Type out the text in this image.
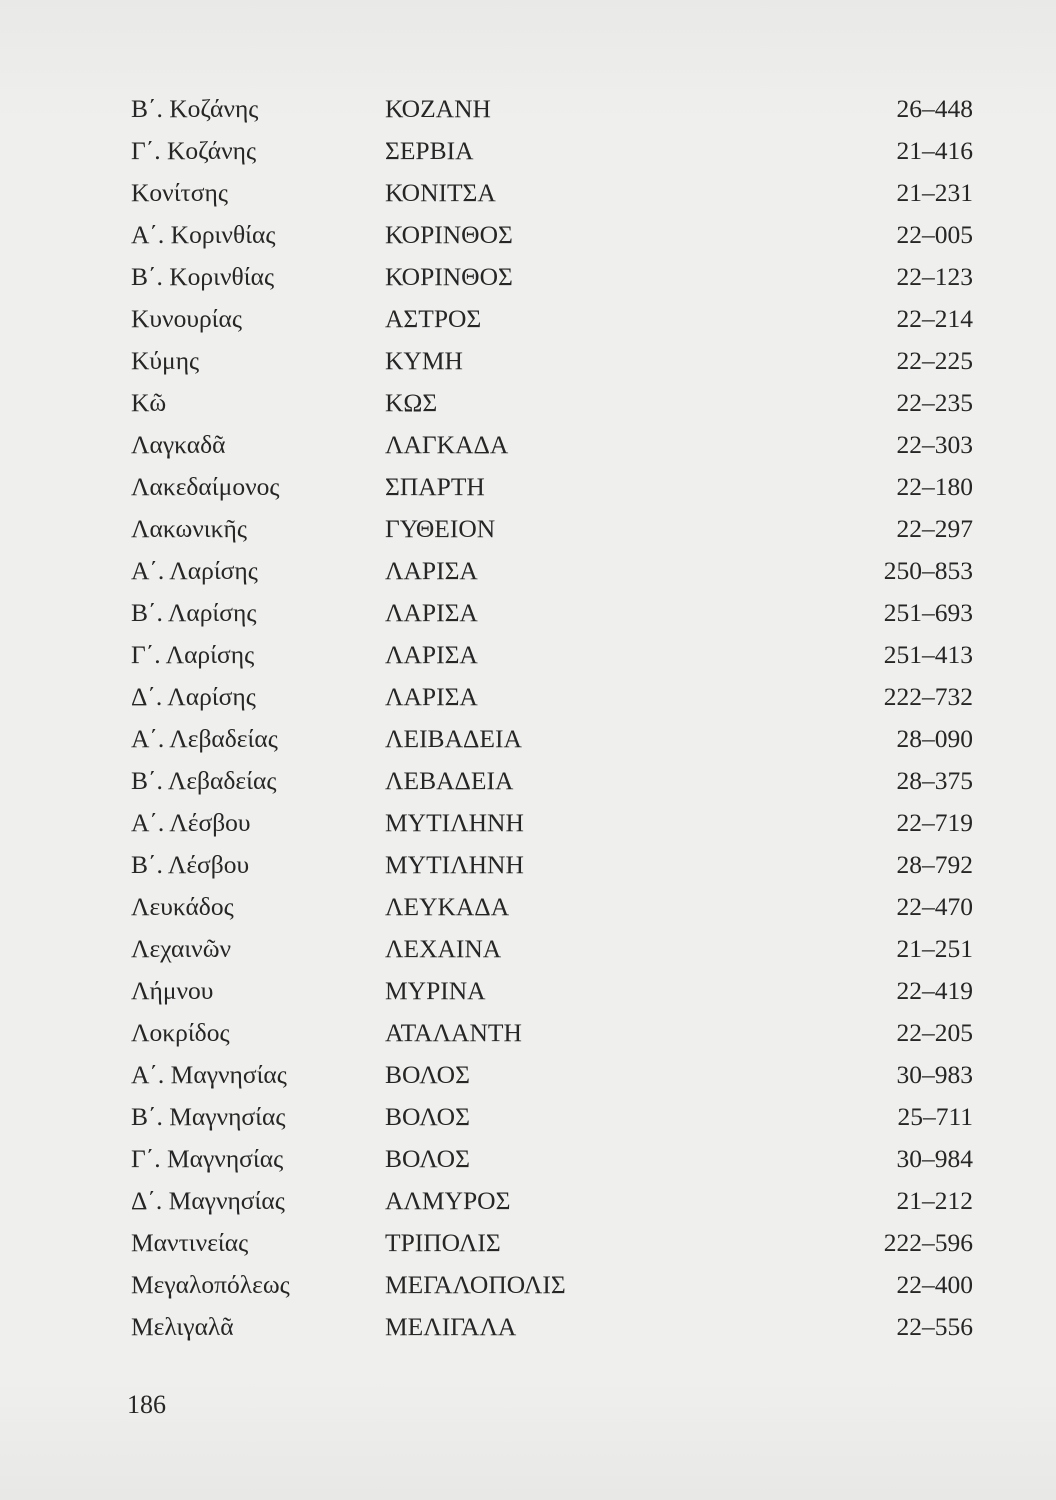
Β΄. Κοζάνης	ΚΟΖΑΝΗ	26–448
Γ΄. Κοζάνης	ΣΕΡΒΙΑ	21–416
Κονίτσης	ΚΟΝΙΤΣΑ	21–231
Α΄. Κορινθίας	ΚΟΡΙΝΘΟΣ	22–005
Β΄. Κορινθίας	ΚΟΡΙΝΘΟΣ	22–123
Κυνουρίας	ΑΣΤΡΟΣ	22–214
Κύμης	ΚΥΜΗ	22–225
Κῶ	ΚΩΣ	22–235
Λαγκαδᾶ	ΛΑΓΚΑΔΑ	22–303
Λακεδαίμονος	ΣΠΑΡΤΗ	22–180
Λακωνικῆς	ΓΥΘΕΙΟΝ	22–297
Α΄. Λαρίσης	ΛΑΡΙΣΑ	250–853
Β΄. Λαρίσης	ΛΑΡΙΣΑ	251–693
Γ΄. Λαρίσης	ΛΑΡΙΣΑ	251–413
Δ΄. Λαρίσης	ΛΑΡΙΣΑ	222–732
Α΄. Λεβαδείας	ΛΕΙΒΑΔΕΙΑ	28–090
Β΄. Λεβαδείας	ΛΕΒΑΔΕΙΑ	28–375
Α΄. Λέσβου	ΜΥΤΙΛΗΝΗ	22–719
Β΄. Λέσβου	ΜΥΤΙΛΗΝΗ	28–792
Λευκάδος	ΛΕΥΚΑΔΑ	22–470
Λεχαινῶν	ΛΕΧΑΙΝΑ	21–251
Λήμνου	ΜΥΡΙΝΑ	22–419
Λοκρίδος	ΑΤΑΛΑΝΤΗ	22–205
Α΄. Μαγνησίας	ΒΟΛΟΣ	30–983
Β΄. Μαγνησίας	ΒΟΛΟΣ	25–711
Γ΄. Μαγνησίας	ΒΟΛΟΣ	30–984
Δ΄. Μαγνησίας	ΑΛΜΥΡΟΣ	21–212
Μαντινείας	ΤΡΙΠΟΛΙΣ	222–596
Μεγαλοπόλεως	ΜΕΓΑΛΟΠΟΛΙΣ	22–400
Μελιγαλᾶ	ΜΕΛΙΓΑΛΑ	22–556
186
